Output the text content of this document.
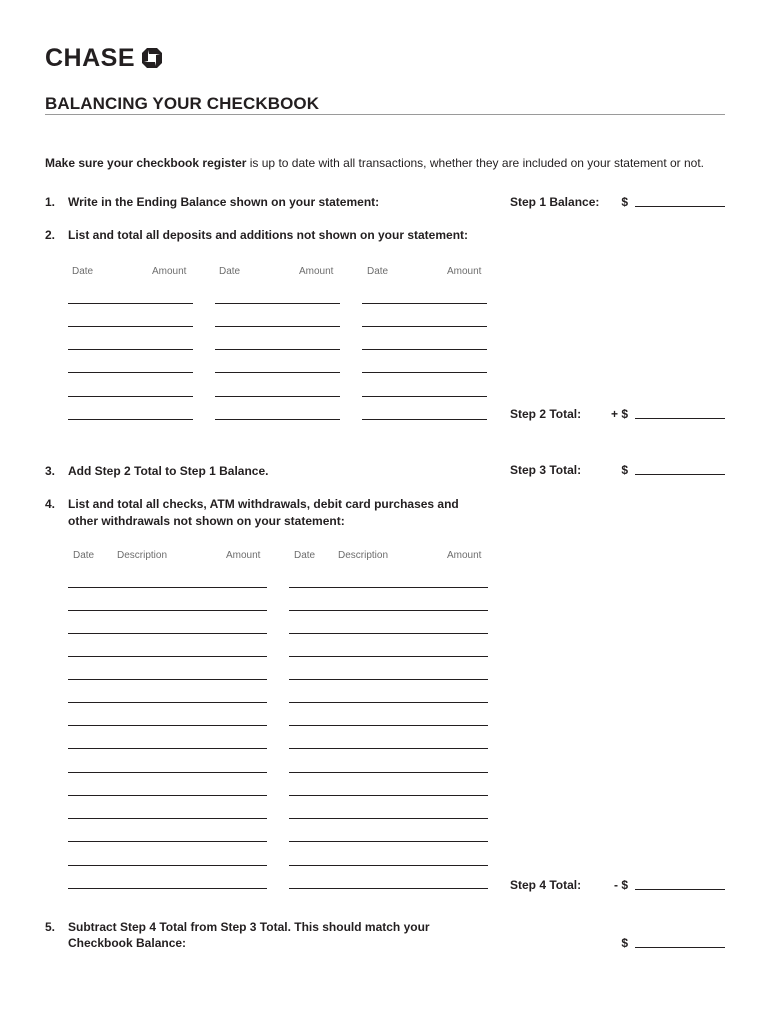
CHASE
BALANCING YOUR CHECKBOOK
Make sure your checkbook register is up to date with all transactions, whether they are included on your statement or not.
1. Write in the Ending Balance shown on your statement:	Step 1 Balance:	$
2. List and total all deposits and additions not shown on your statement:
Date	Amount	Date	Amount	Date	Amount
Step 2 Total:	+ $
3. Add Step 2 Total to Step 1 Balance.	Step 3 Total:	$
4. List and total all checks, ATM withdrawals, debit card purchases and
other withdrawals not shown on your statement:
Date Description	Amount	Date Description	Amount
Step 4 Total:	- $
5. Subtract Step 4 Total from Step 3 Total. This should match your
Checkbook Balance:	$
